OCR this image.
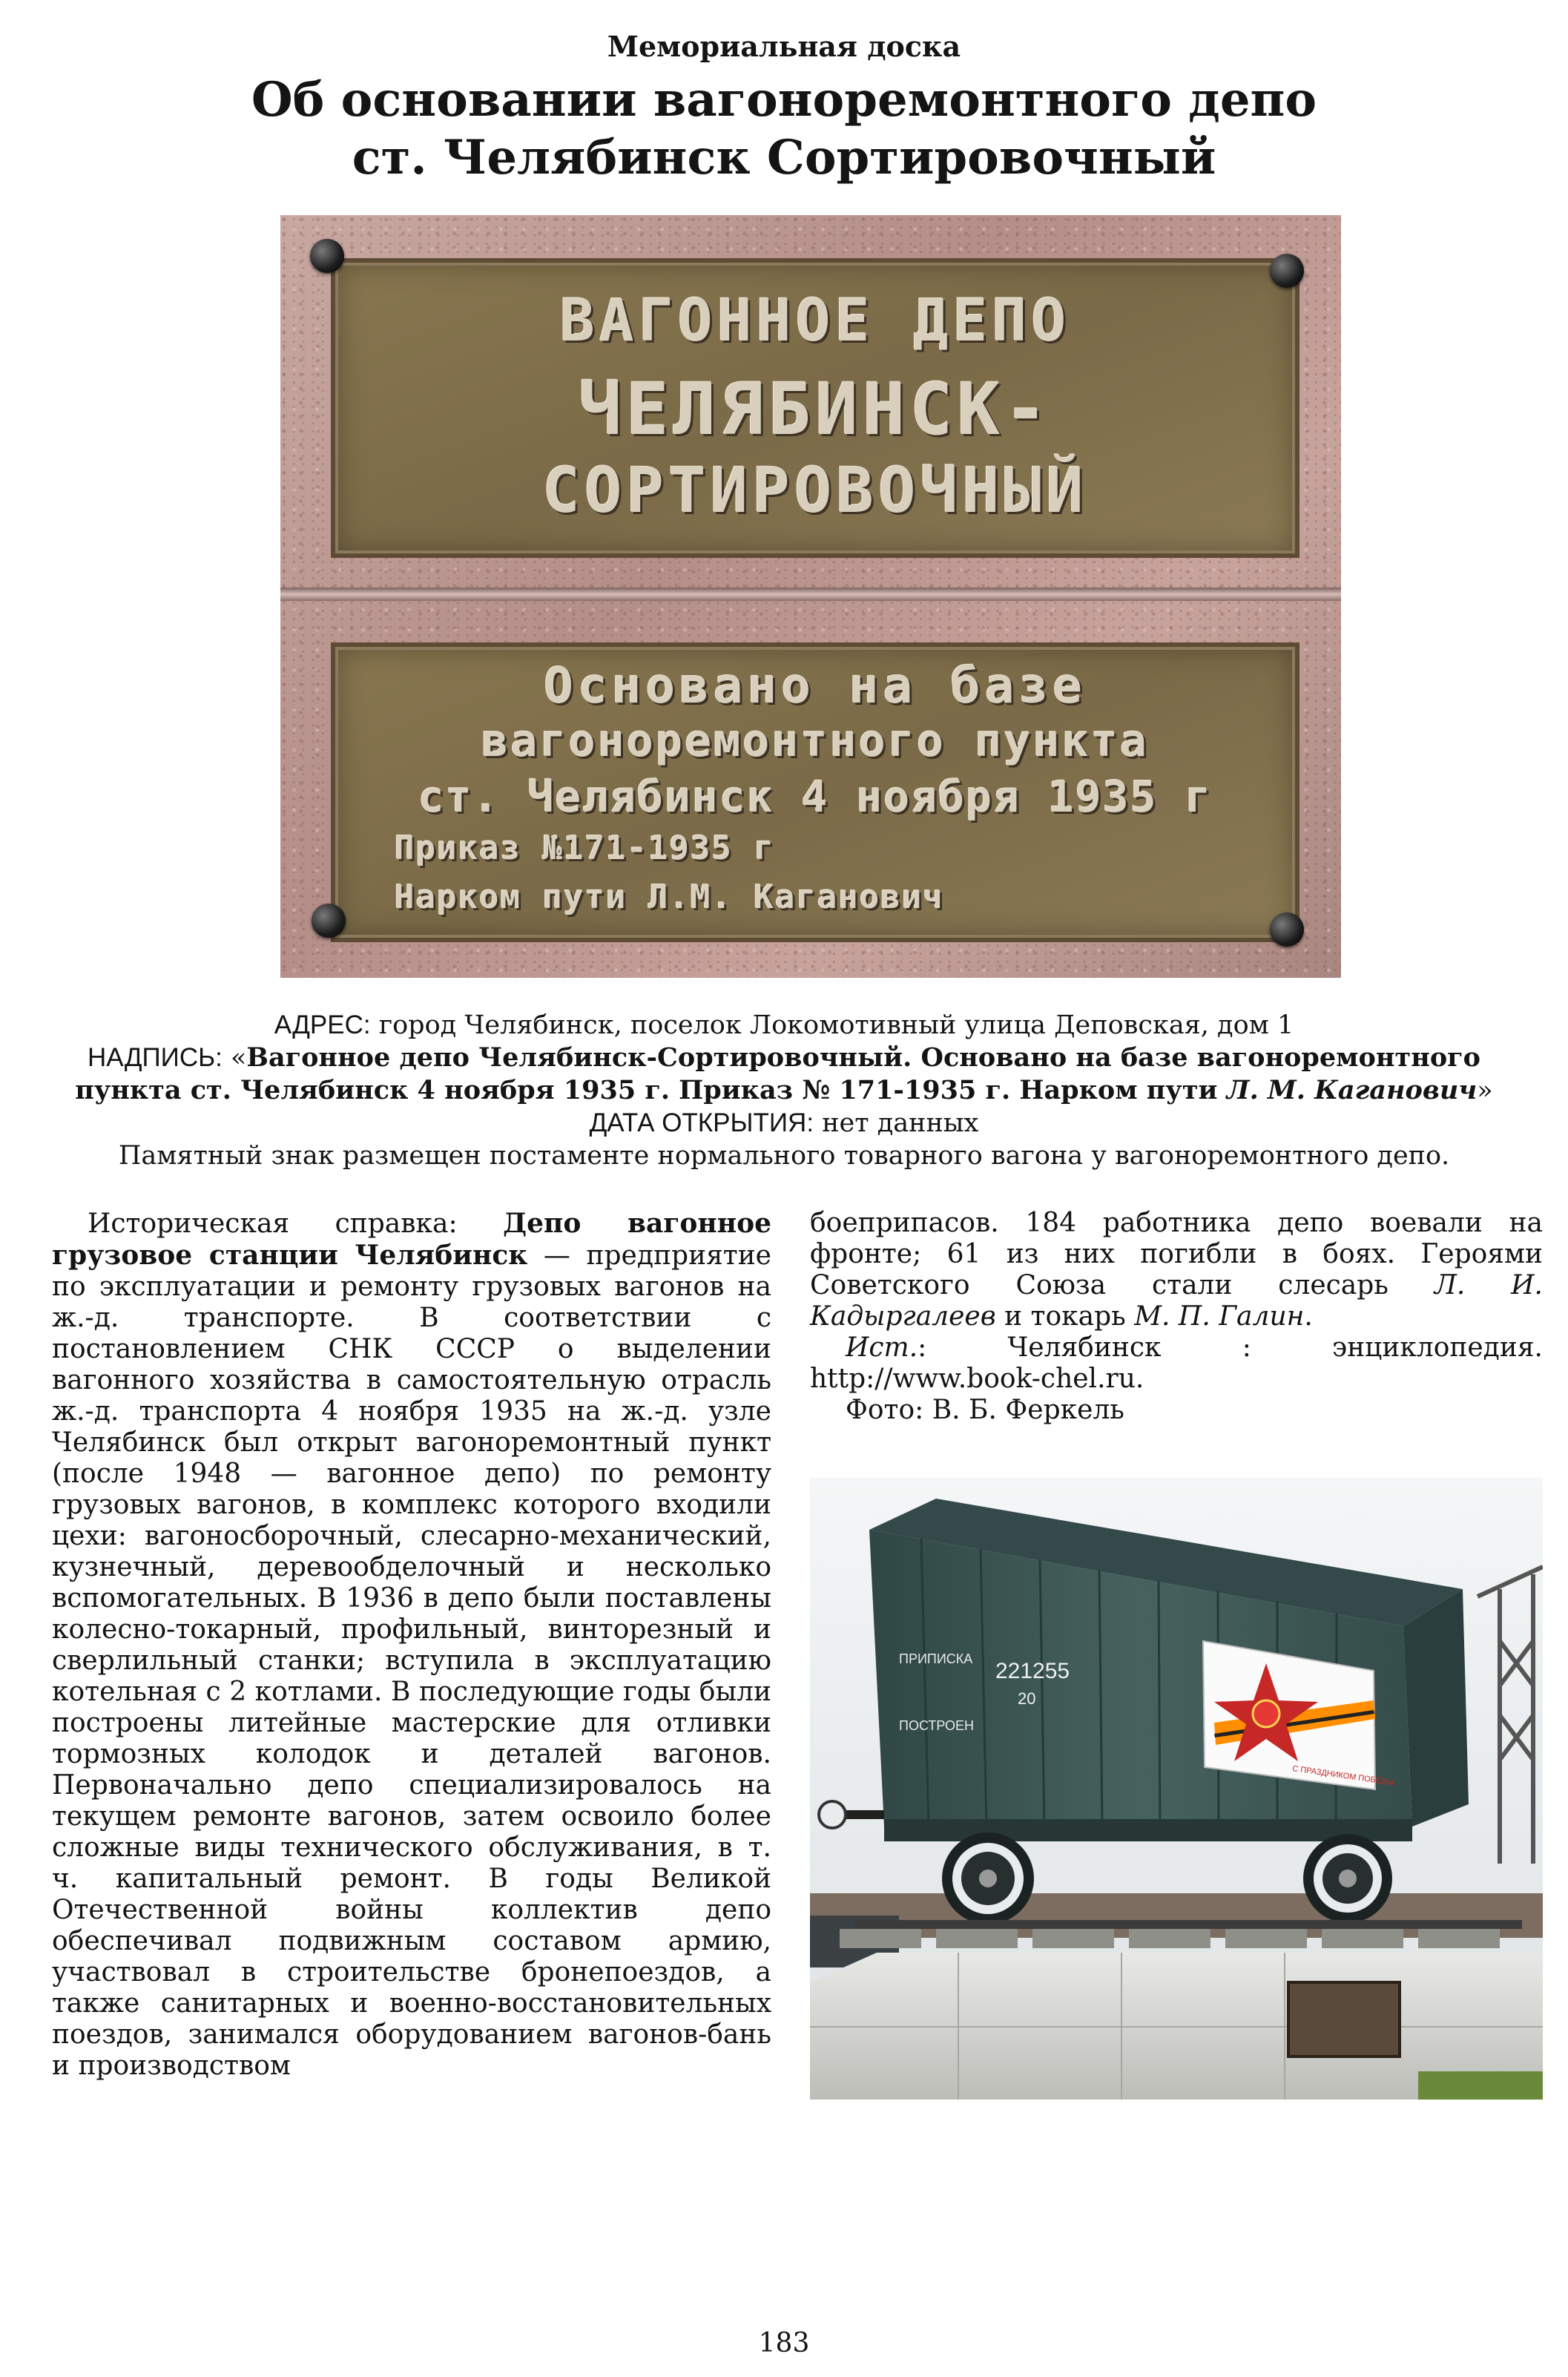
Мемориальная доска
Об основании вагоноремонтного депо
ст. Челябинск Сортировочный
ВАГОННОЕ ДЕПО
ЧЕЛЯБИНСК-
СОРТИРОВОЧНЫЙ
Основано на базе
вагоноремонтного пункта
ст. Челябинск 4 ноября 1935 г
Приказ №171-1935 г
Нарком пути Л.М. Каганович
АДРЕС: город Челябинск, поселок Локомотивный улица Деповская, дом 1
НАДПИСЬ: «Вагонное депо Челябинск-Сортировочный. Основано на базе вагоноремонтного пункта ст. Челябинск 4 ноября 1935 г. Приказ № 171-1935 г. Нарком пути Л. М. Каганович»
ДАТА ОТКРЫТИЯ: нет данных
Памятный знак размещен постаменте нормального товарного вагона у вагоноремонтного депо.

Историческая справка: Депо вагонное грузовое станции Челябинск — предприятие по эксплуатации и ремонту грузовых вагонов на ж.-д. транспорте. В соответствии с постановлением СНК СССР о выделении вагонного хозяйства в самостоятельную отрасль ж.-д. транспорта 4 ноября 1935 на ж.-д. узле Челябинск был открыт вагоноремонтный пункт (после 1948 — вагонное депо) по ремонту грузовых вагонов, в комплекс которого входили цехи: вагоносборочный, слесарно-механический, кузнечный, деревообделочный и несколько вспомогательных. В 1936 в депо были поставлены колесно-токарный, профильный, винторезный и сверлильный станки; вступила в эксплуатацию котельная с 2 котлами. В последующие годы были построены литейные мастерские для отливки тормозных колодок и деталей вагонов. Первоначально депо специализировалось на текущем ремонте вагонов, затем освоило более сложные виды технического обслуживания, в т. ч. капитальный ремонт. В годы Великой Отечественной войны коллектив депо обеспечивал подвижным составом армию, участвовал в строительстве бронепоездов, а также санитарных и военно-восстановительных поездов, занимался оборудованием вагонов-бань и производством

боеприпасов. 184 работника депо воевали на фронте; 61 из них погибли в боях. Героями Советского Союза стали слесарь Л. И. Кадыргалеев и токарь М. П. Галин.

Ист.: Челябинск : энциклопедия. http://www.book-chel.ru.

Фото: В. Б. Феркель

ПРИПИСКА 221255
20
ПОСТРОЕН
С ПРАЗДНИКОМ ПОБЕДЫ
183
